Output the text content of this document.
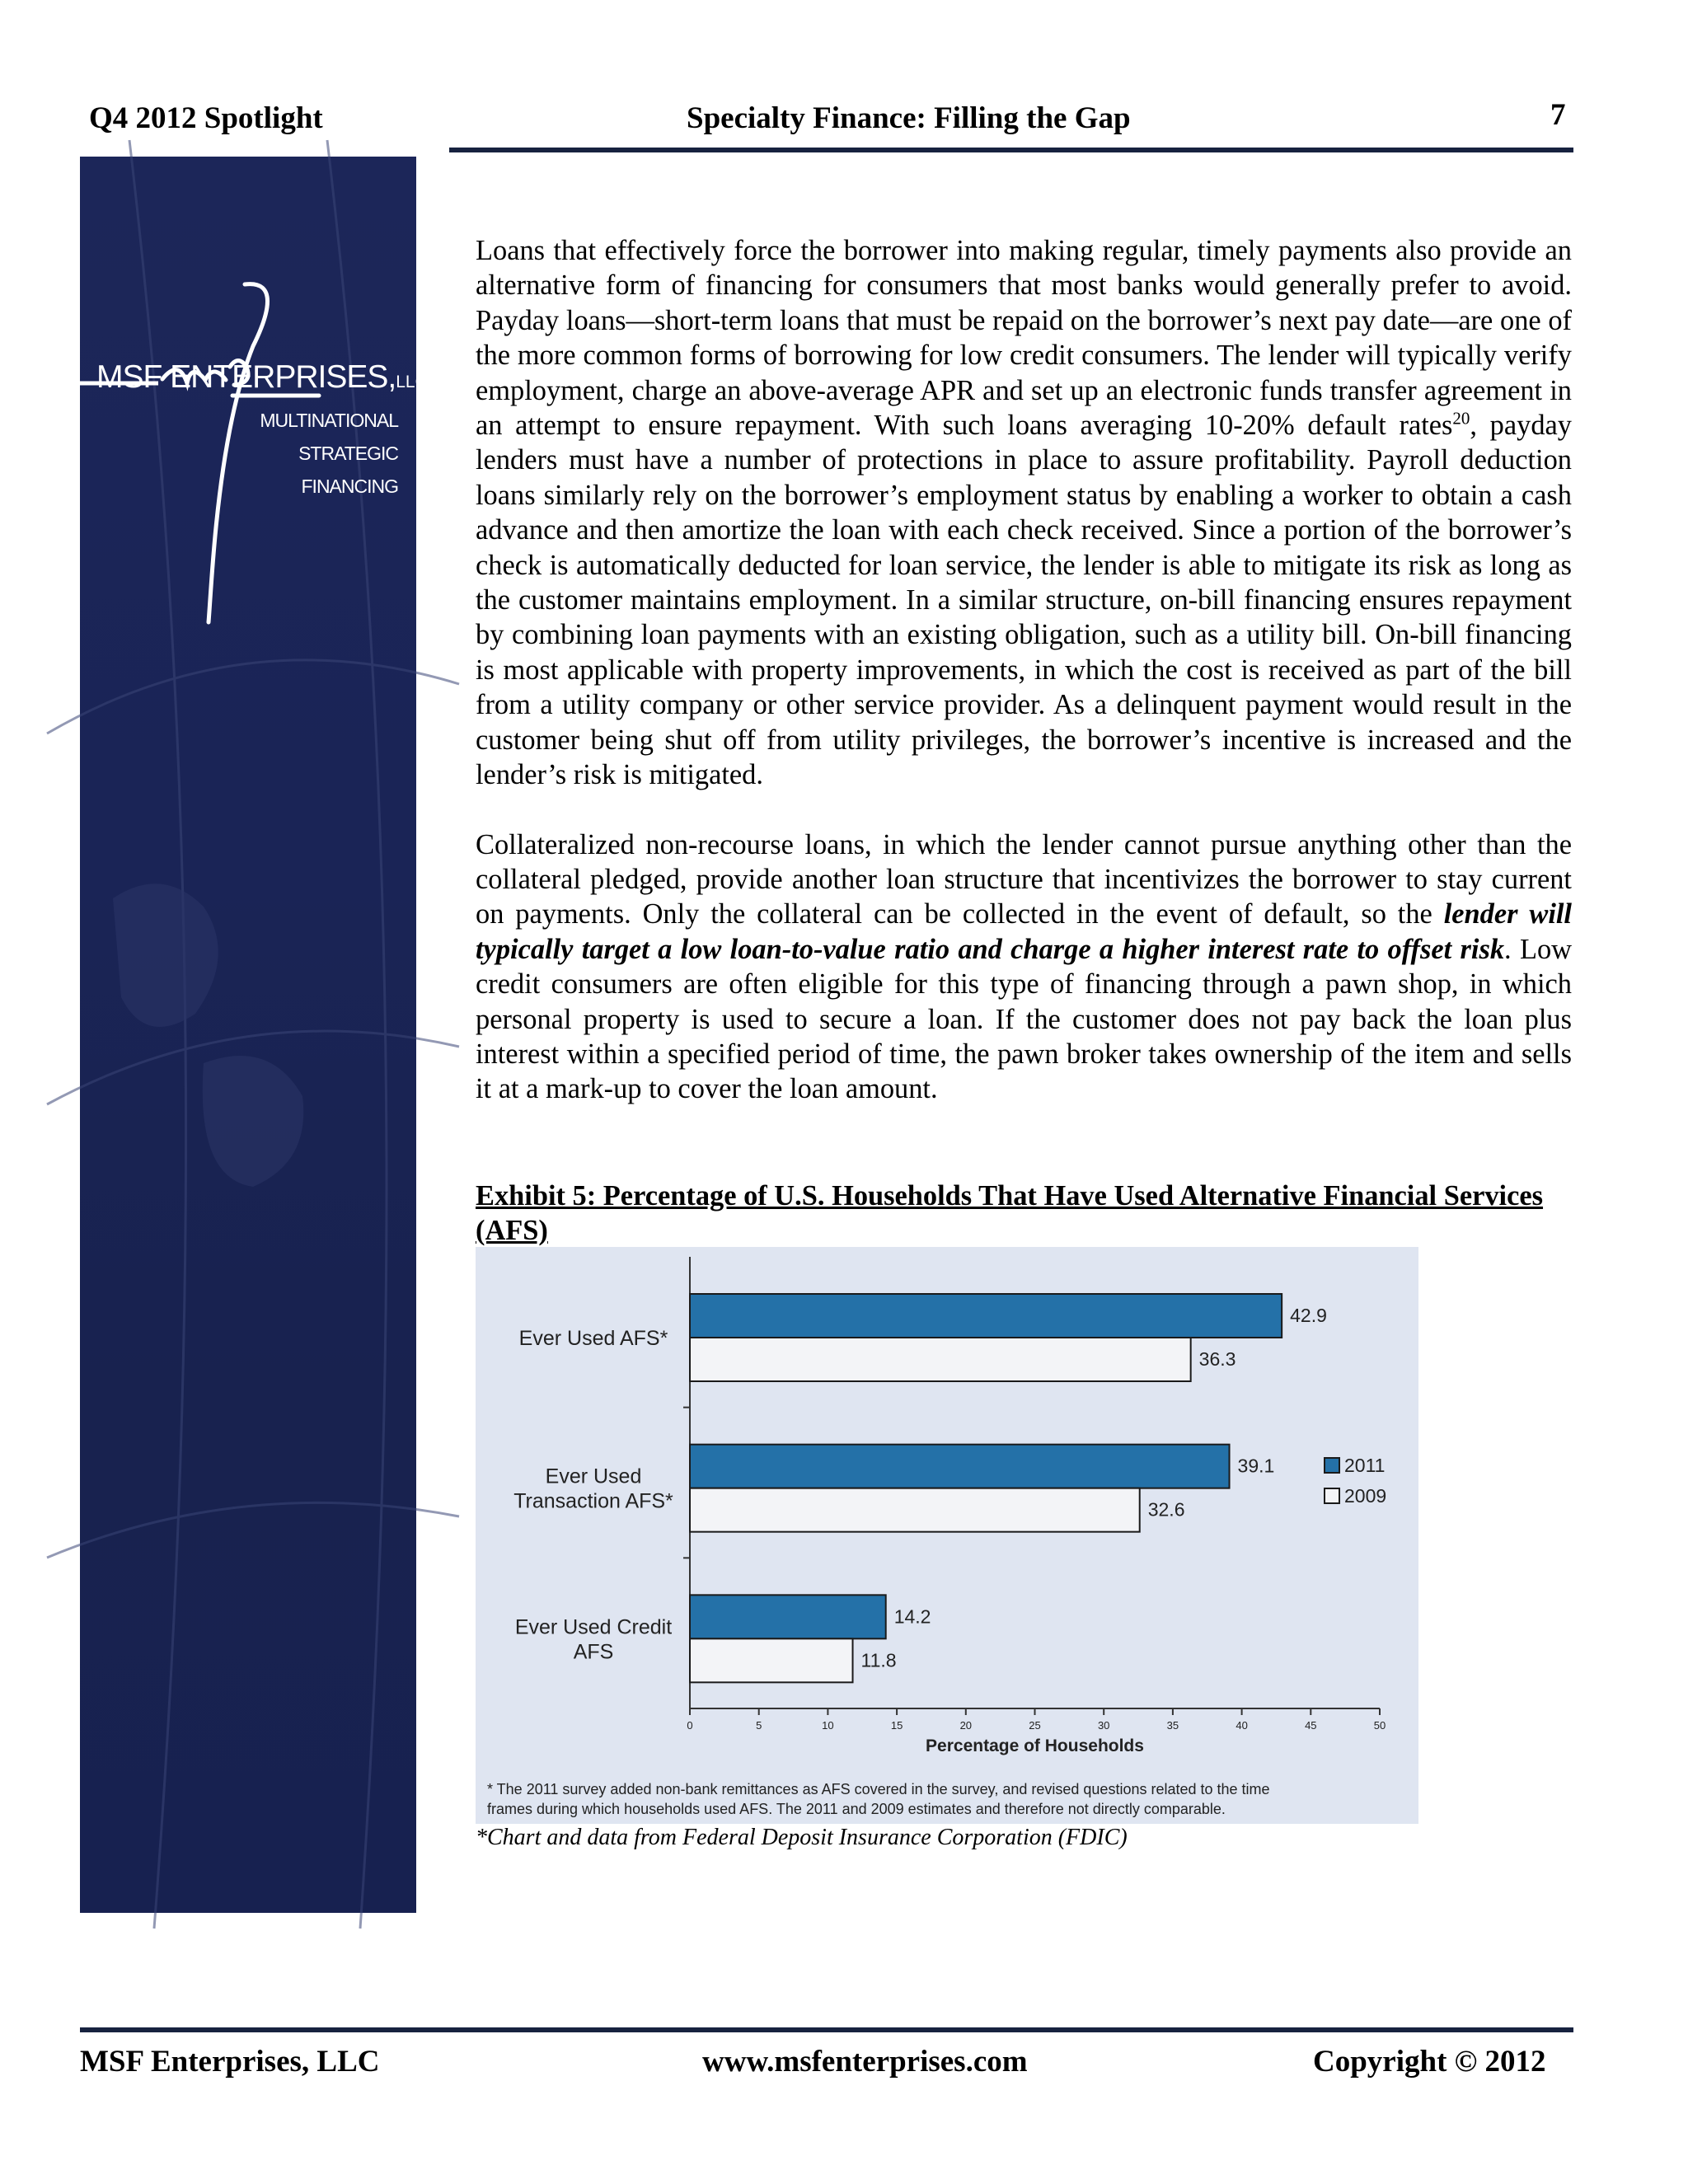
Q4 2012 Spotlight	Specialty Finance: Filling the Gap	7
MSF ENTERPRISES,LLC
MULTINATIONAL
STRATEGIC
FINANCING

Loans that effectively force the borrower into making regular, timely payments also provide an alternative form of financing for consumers that most banks would generally prefer to avoid. Payday loans—short-term loans that must be repaid on the borrower’s next pay date—are one of the more common forms of borrowing for low credit consumers. The lender will typically verify employment, charge an above-average APR and set up an electronic funds transfer agreement in an attempt to ensure repayment. With such loans averaging 10-20% default rates$^{20}$, payday lenders must have a number of protections in place to assure profitability. Payroll deduction loans similarly rely on the borrower’s employment status by enabling a worker to obtain a cash advance and then amortize the loan with each check received. Since a portion of the borrower’s check is automatically deducted for loan service, the lender is able to mitigate its risk as long as the customer maintains employment. In a similar structure, on-bill financing ensures repayment by combining loan payments with an existing obligation, such as a utility bill. On-bill financing is most applicable with property improvements, in which the cost is received as part of the bill from a utility company or other service provider. As a delinquent payment would result in the customer being shut off from utility privileges, the borrower’s incentive is increased and the lender’s risk is mitigated.

Collateralized non-recourse loans, in which the lender cannot pursue anything other than the collateral pledged, provide another loan structure that incentivizes the borrower to stay current on payments. Only the collateral can be collected in the event of default, so the lender will typically target a low loan-to-value ratio and charge a higher interest rate to offset risk. Low credit consumers are often eligible for this type of financing through a pawn shop, in which personal property is used to secure a loan. If the customer does not pay back the loan plus interest within a specified period of time, the pawn broker takes ownership of the item and sells it at a mark-up to cover the loan amount.

Exhibit 5: Percentage of U.S. Households That Have Used Alternative Financial Services (AFS)
0	5	10	15	20	25	30	35	40	45	50
Percentage of Households
42.9
36.3
Ever Used AFS*
39.1
32.6
Ever Used
Transaction AFS*
14.2
11.8
Ever Used Credit
AFS
2011
2009
* The 2011 survey added non-bank remittances as AFS covered in the survey, and revised questions related to the time
frames during which households used AFS. The 2011 and 2009 estimates and therefore not directly comparable.
*Chart and data from Federal Deposit Insurance Corporation (FDIC)
MSF Enterprises, LLC	www.msfenterprises.com	Copyright © 2012
